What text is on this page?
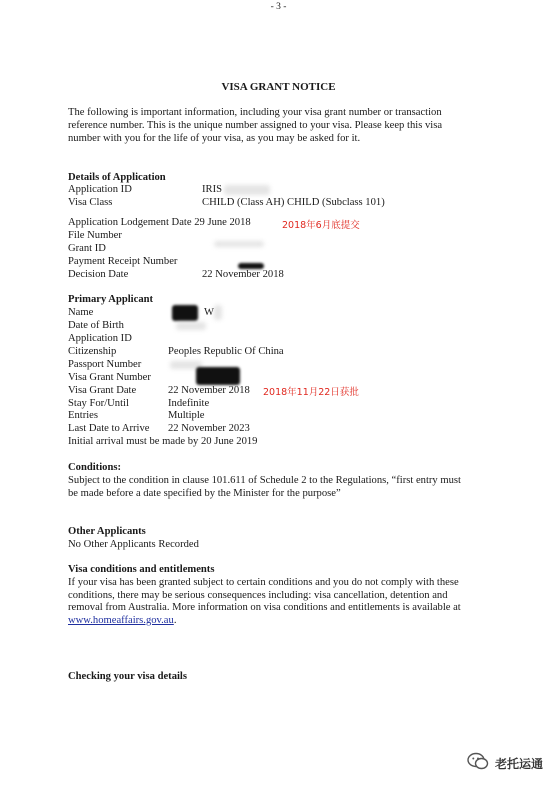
- 3 -
VISA GRANT NOTICE
The following is important information, including your visa grant number or transaction
reference number. This is the unique number assigned to your visa. Please keep this visa
number with you for the life of your visa, as you may be asked for it.
Details of Application
Application ID	IRIS
Visa Class	CHILD (Class AH) CHILD (Subclass 101)
Application Lodgement Date 29 June 2018	2018年6月底提交
File Number
Grant ID
Payment Receipt Number
Decision Date	22 November 2018
Primary Applicant
Name	W
Date of Birth
Application ID
Citizenship	Peoples Republic Of China
Passport Number
Visa Grant Number
Visa Grant Date	22 November 2018 2018年11月22日获批
Stay For/Until	Indefinite
Entries	Multiple
Last Date to Arrive 22 November 2023
Initial arrival must be made by 20 June 2019
Conditions:
Subject to the condition in clause 101.611 of Schedule 2 to the Regulations, “first entry must
be made before a date specified by the Minister for the purpose”
Other Applicants
No Other Applicants Recorded
Visa conditions and entitlements
If your visa has been granted subject to certain conditions and you do not comply with these
conditions, there may be serious consequences including: visa cancellation, detention and
removal from Australia. More information on visa conditions and entitlements is available at
www.homeaffairs.gov.au.
Checking your visa details
老托运通
